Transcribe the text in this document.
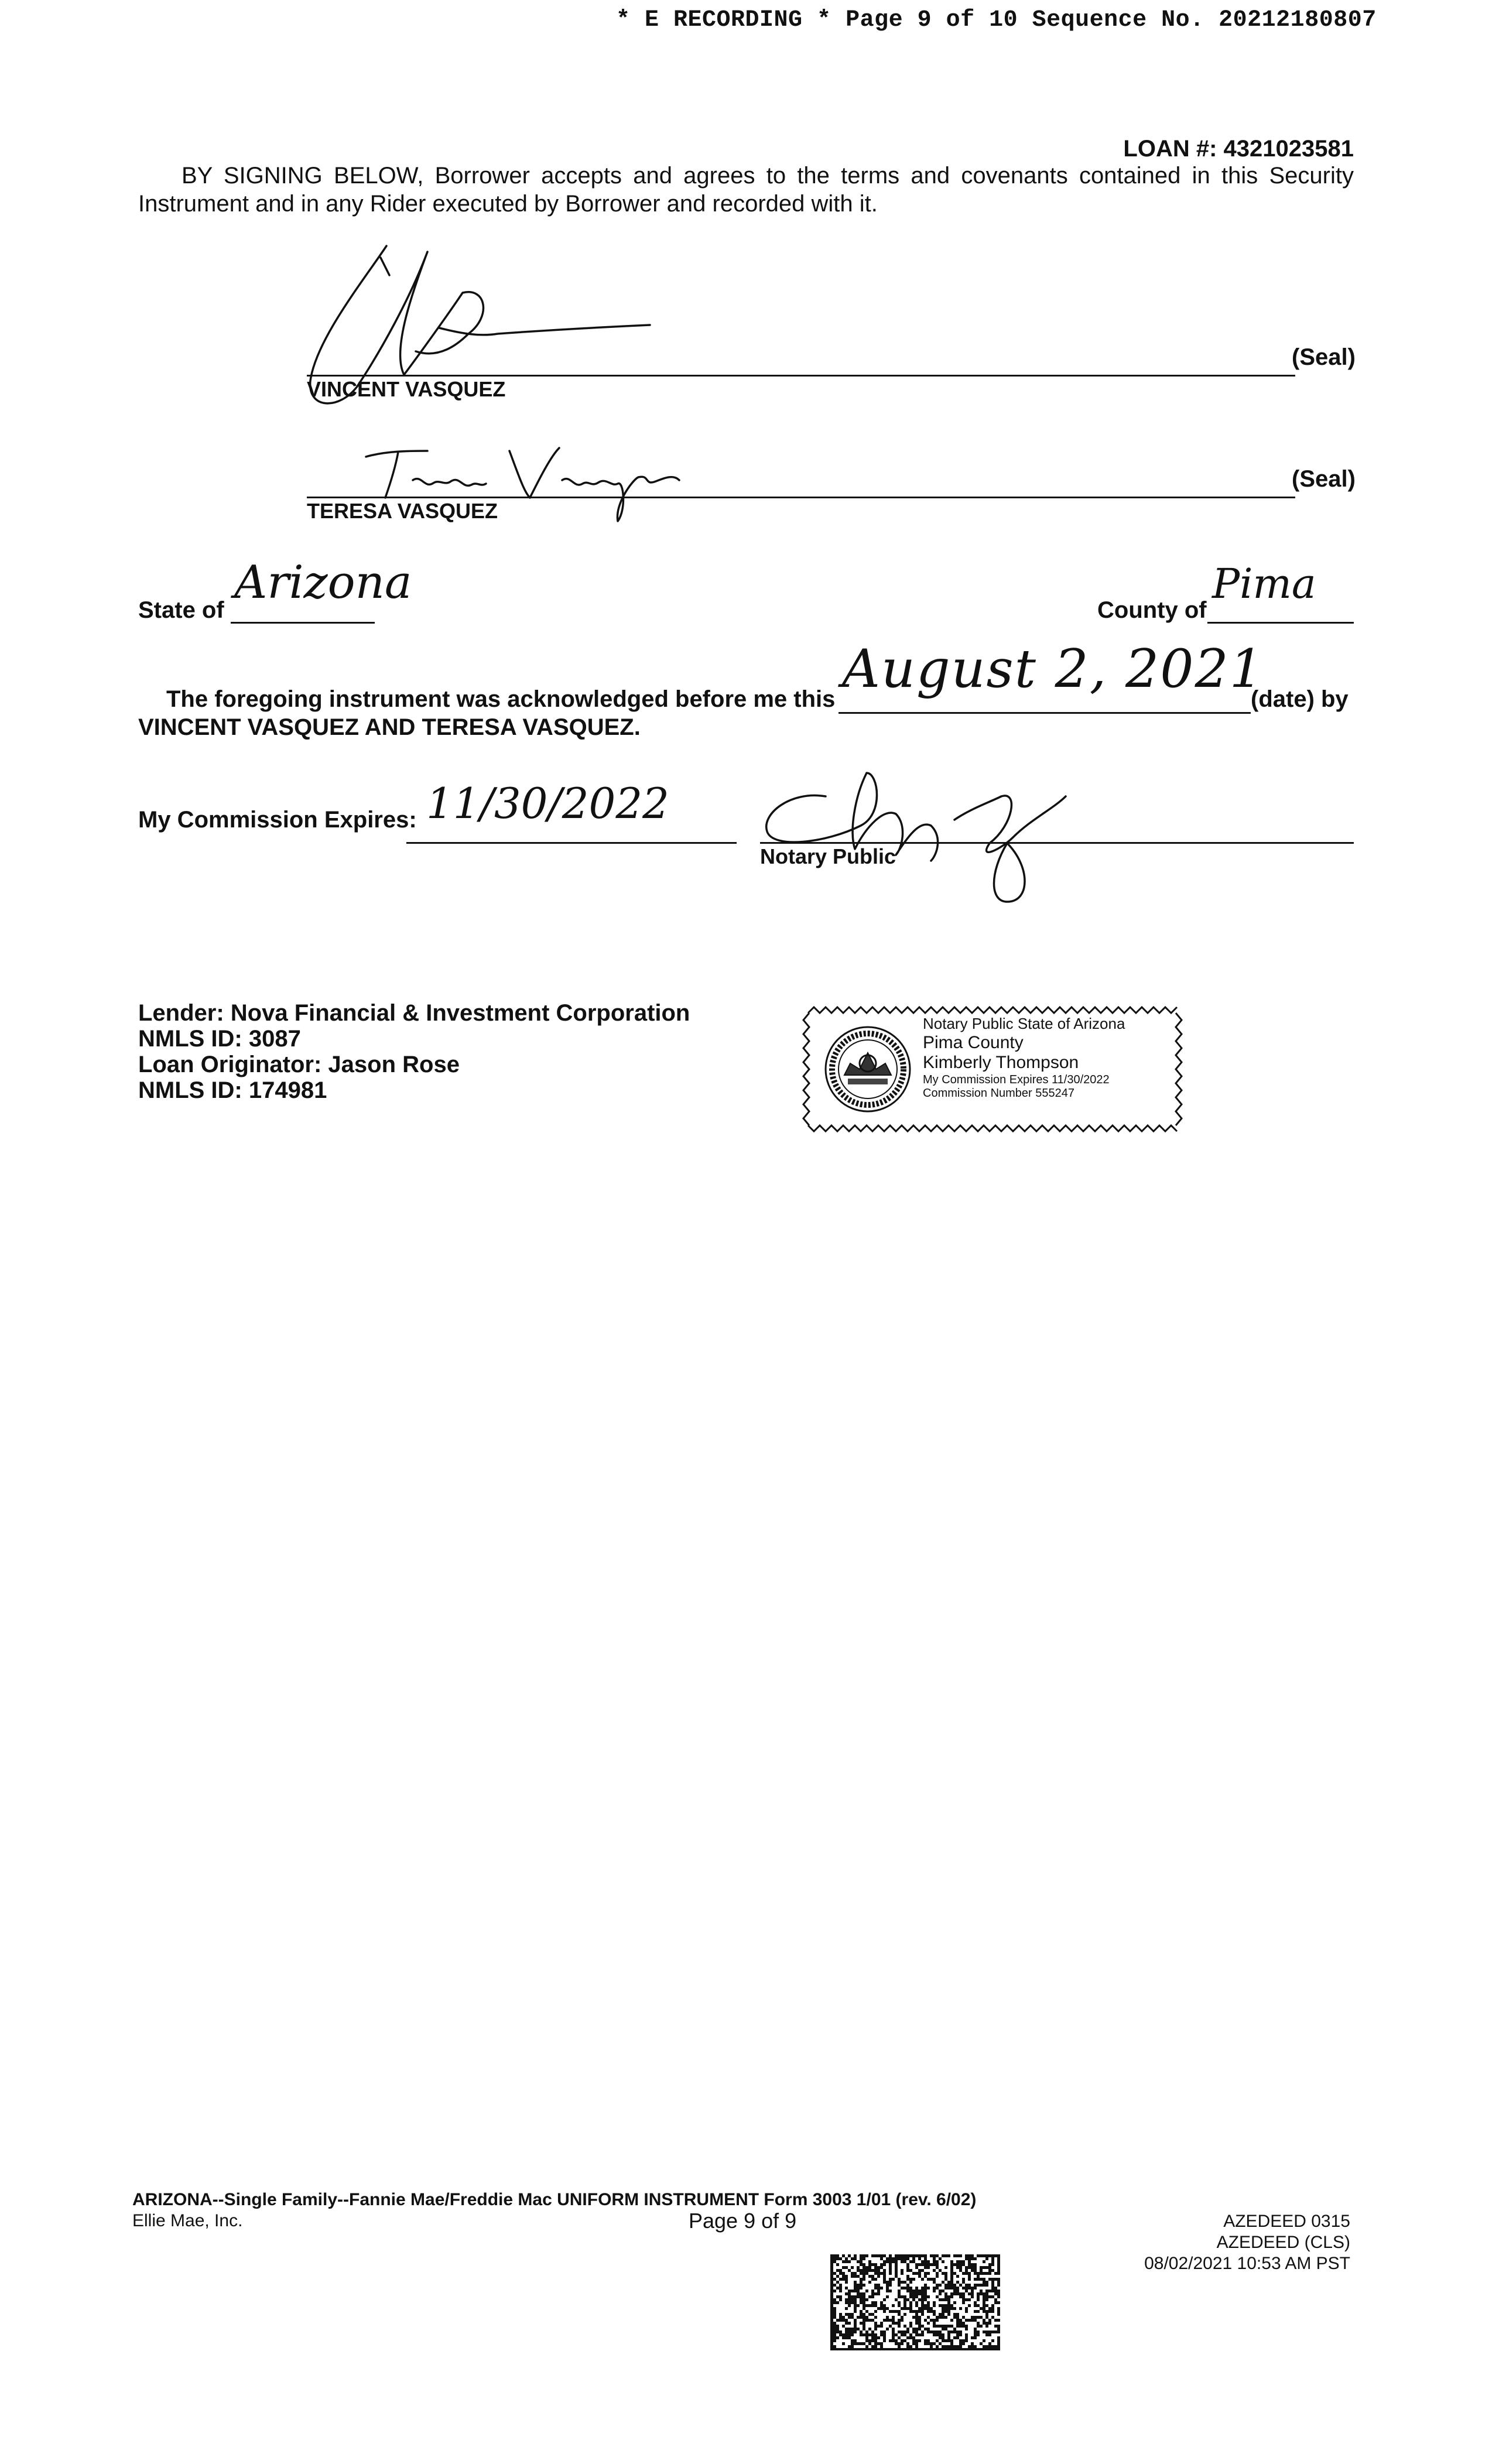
* E RECORDING * Page 9 of 10 Sequence No. 20212180807
LOAN #: 4321023581
BY SIGNING BELOW, Borrower accepts and agrees to the terms and covenants contained in this Security Instrument and in any Rider executed by Borrower and recorded with it.
(Seal)
VINCENT VASQUEZ
(Seal)
TERESA VASQUEZ
State of
Arizona
County of
Pima
The foregoing instrument was acknowledged before me this August 2, 2021
(date) by
VINCENT VASQUEZ AND TERESA VASQUEZ.
My Commission Expires: 11/30/2022
Notary Public
Lender: Nova Financial & Investment Corporation
NMLS ID: 3087
Loan Originator: Jason Rose
NMLS ID: 174981
Notary Public State of Arizona
Pima County
Kimberly Thompson
My Commission Expires 11/30/2022
Commission Number 555247
ARIZONA--Single Family--Fannie Mae/Freddie Mac UNIFORM INSTRUMENT Form 3003 1/01 (rev. 6/02)
Ellie Mae, Inc.	Page 9 of 9	AZEDEED 0315
AZEDEED (CLS)
08/02/2021 10:53 AM PST
